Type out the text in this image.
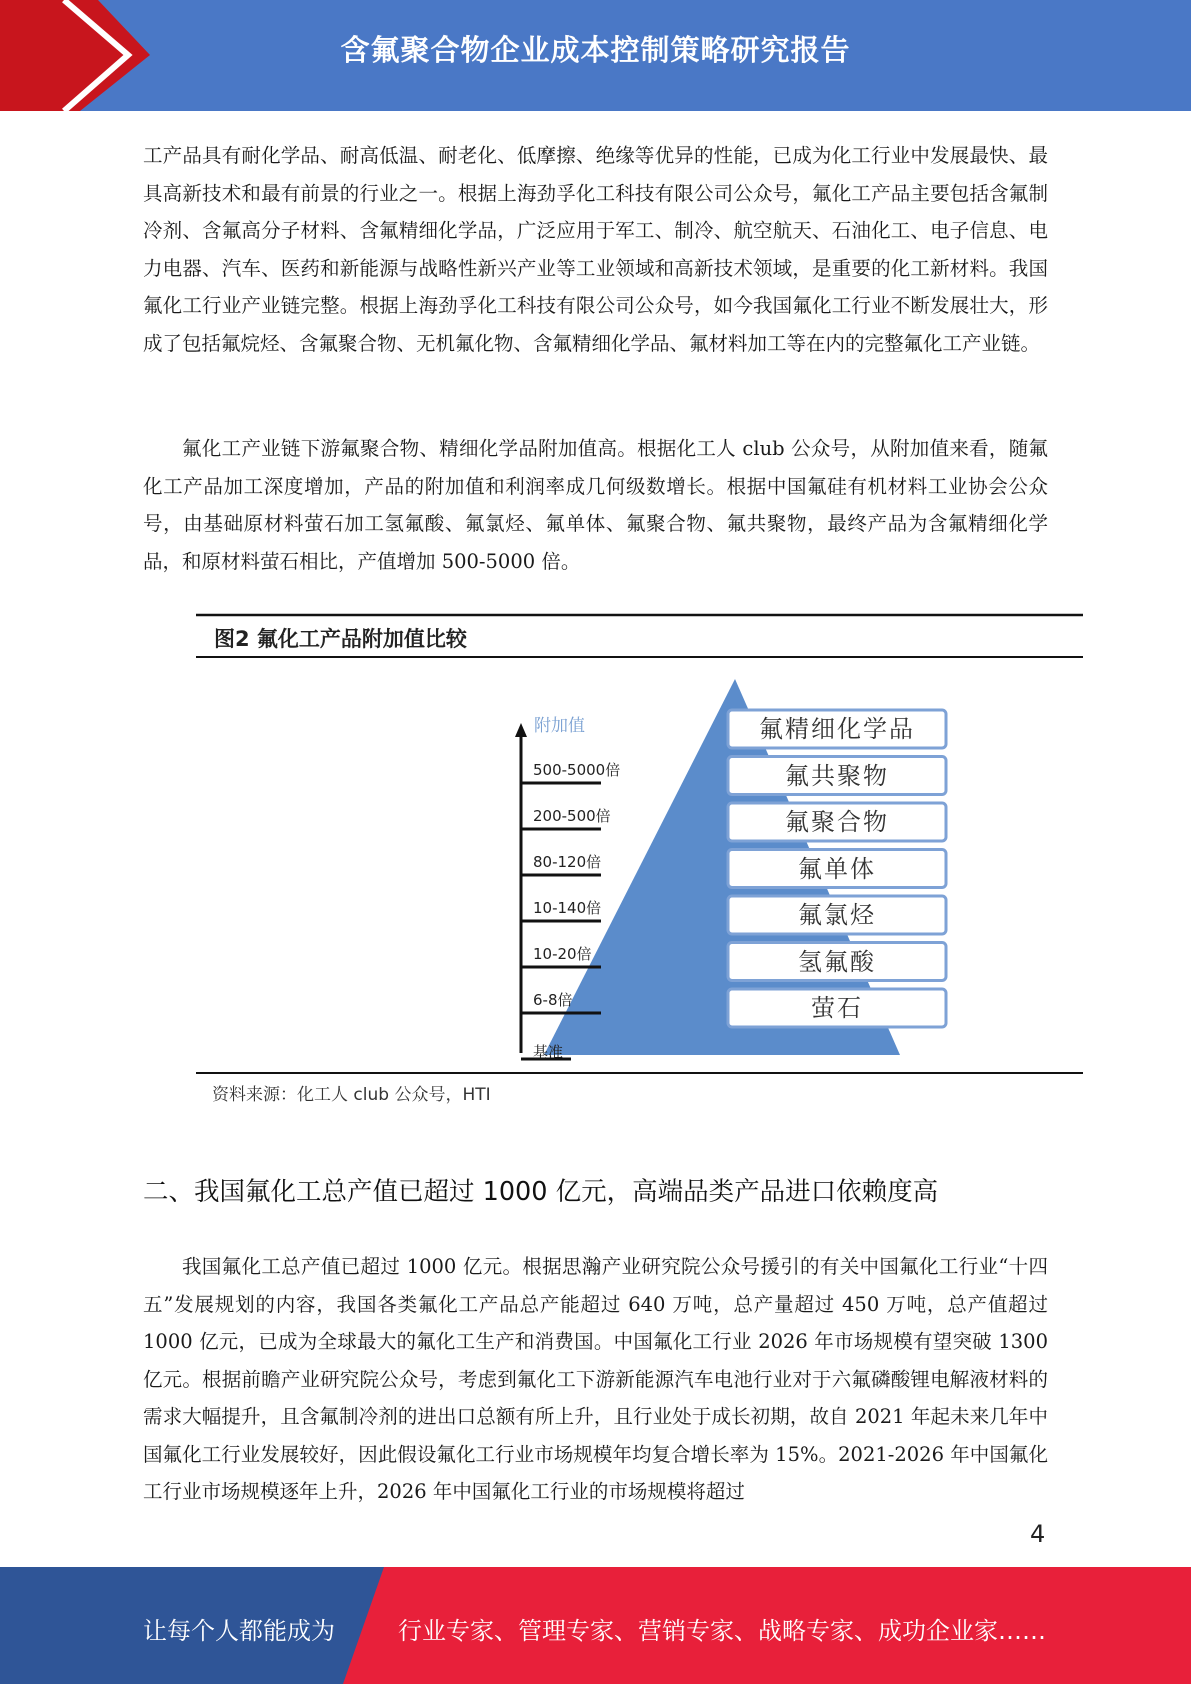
含氟聚合物企业成本控制策略研究报告

工产品具有耐化学品、耐高低温、耐老化、低摩擦、绝缘等优异的性能，已成为化工行业中发展最快、最具高新技术和最有前景的行业之一。根据上海劲孚化工科技有限公司公众号，氟化工产品主要包括含氟制冷剂、含氟高分子材料、含氟精细化学品，广泛应用于军工、制冷、航空航天、石油化工、电子信息、电力电器、汽车、医药和新能源与战略性新兴产业等工业领域和高新技术领域，是重要的化工新材料。我国氟化工行业产业链完整。根据上海劲孚化工科技有限公司公众号，如今我国氟化工行业不断发展壮大，形成了包括氟烷烃、含氟聚合物、无机氟化物、含氟精细化学品、氟材料加工等在内的完整氟化工产业链。

氟化工产业链下游氟聚合物、精细化学品附加值高。根据化工人 club 公众号，从附加值来看，随氟化工产品加工深度增加，产品的附加值和利润率成几何级数增长。根据中国氟硅有机材料工业协会公众号，由基础原材料萤石加工氢氟酸、氟氯烃、氟单体、氟聚合物、氟共聚物，最终产品为含氟精细化学品，和原材料萤石相比，产值增加 500-5000 倍。

图2 氟化工产品附加值比较
附加值
500-5000倍
200-500倍
80-120倍
10-140倍
10-20倍
6-8倍
基准
氟精细化学品
氟共聚物
氟聚合物
氟单体
氟氯烃
氢氟酸
萤石
资料来源：化工人 club 公众号，HTI
二、我国氟化工总产值已超过 1000 亿元，高端品类产品进口依赖度高

我国氟化工总产值已超过 1000 亿元。根据思瀚产业研究院公众号援引的有关中国氟化工行业“十四五”发展规划的内容，我国各类氟化工产品总产能超过 640 万吨，总产量超过 450 万吨，总产值超过 1000 亿元，已成为全球最大的氟化工生产和消费国。中国氟化工行业 2026 年市场规模有望突破 1300 亿元。根据前瞻产业研究院公众号，考虑到氟化工下游新能源汽车电池行业对于六氟磷酸锂电解液材料的需求大幅提升，且含氟制冷剂的进出口总额有所上升，且行业处于成长初期，故自 2021 年起未来几年中国氟化工行业发展较好，因此假设氟化工行业市场规模年均复合增长率为 15%。2021-2026 年中国氟化工行业市场规模逐年上升，2026 年中国氟化工行业的市场规模将超过

4
让每个人都能成为	行业专家、管理专家、营销专家、战略专家、成功企业家……
